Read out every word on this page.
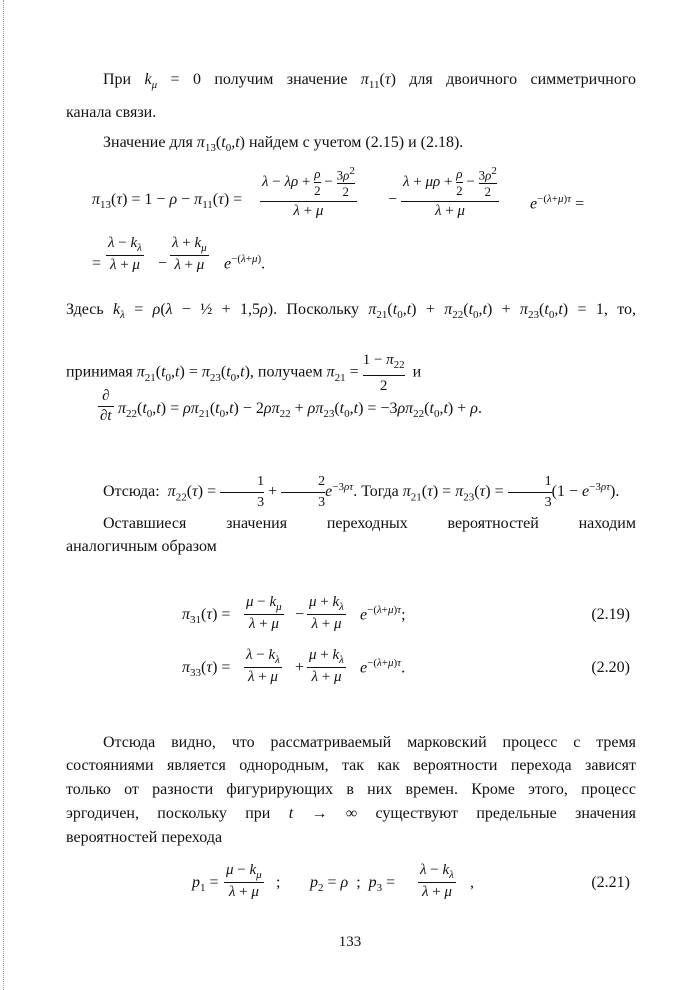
При $k_\mu = 0$ получим значение $\pi_{11}(\tau)$ для двоичного симметричного
канала связи.
Значение для $\pi_{13}(t_0,t)$ найдем с учетом (2.15) и (2.18).
$\pi_{13}(\tau) = 1 - \rho - \pi_{11}(\tau) = \frac{\lambda - \lambda\rho + \frac{\rho}{2} - \frac{3\rho^2}{2}}{\lambda + \mu} - \frac{\lambda + \mu\rho + \frac{\rho}{2} - \frac{3\rho^2}{2}}{\lambda + \mu} e^{-(\lambda+\mu)\tau}$ =
= $\frac{\lambda - k_\lambda}{\lambda + \mu} - \frac{\lambda + k_\mu}{\lambda + \mu} e^{-(\lambda+\mu)}$.
Здесь $k_\lambda = \rho(\lambda$ − ½ + 1,5ρ). Поскольку $\pi_{21}(t_0,t) + \pi_{22}(t_0,t) + \pi_{23}(t_0,t) = 1$, то,
принимая $\pi_{21}(t_0,t) = \pi_{23}(t_0,t)$, получаем $\pi_{21} = \frac{1 - \pi_{22}}{2}$ и
∂
∂t $\pi_{22}(t_0,t) = \rho\pi_{21}(t_0,t) - 2\rho\pi_{22} + \rho\pi_{23}(t_0,t) = -3\rho\pi_{22}(t_0,t) + \rho$.
Отсюда:  $\pi_{22}(\tau) = \frac{1}{3} + \frac{2}{3} e^{-3\rho\tau}$. Тогда $\pi_{21}(\tau) = \pi_{23}(\tau) = \frac{1}{3} (1 - e^{-3\rho\tau})$.
Оставшиеся значения переходных вероятностей находим
аналогичным образом
$\pi_{31}(\tau) = \frac{\mu - k_\mu}{\lambda + \mu} - \frac{\mu + k_\lambda}{\lambda + \mu} e^{-(\lambda+\mu)\tau}$;	(2.19)
$\pi_{33}(\tau) = \frac{\lambda - k_\lambda}{\lambda + \mu} + \frac{\mu + k_\lambda}{\lambda + \mu} e^{-(\lambda+\mu)\tau}$.	(2.20)
Отсюда видно, что рассматриваемый марковский процесс с тремя
состояниями является однородным, так как вероятности перехода зависят
только от разности фигурирующих в них времен. Кроме этого, процесс
эргодичен, поскольку при t → ∞ существуют предельные значения
вероятностей перехода
$p_1 = \frac{\mu - k_\mu}{\lambda + \mu}$ ; $p_2 = \rho$  ;  $p_3 = \frac{\lambda - k_\lambda}{\lambda + \mu}$ ,	(2.21)
133
